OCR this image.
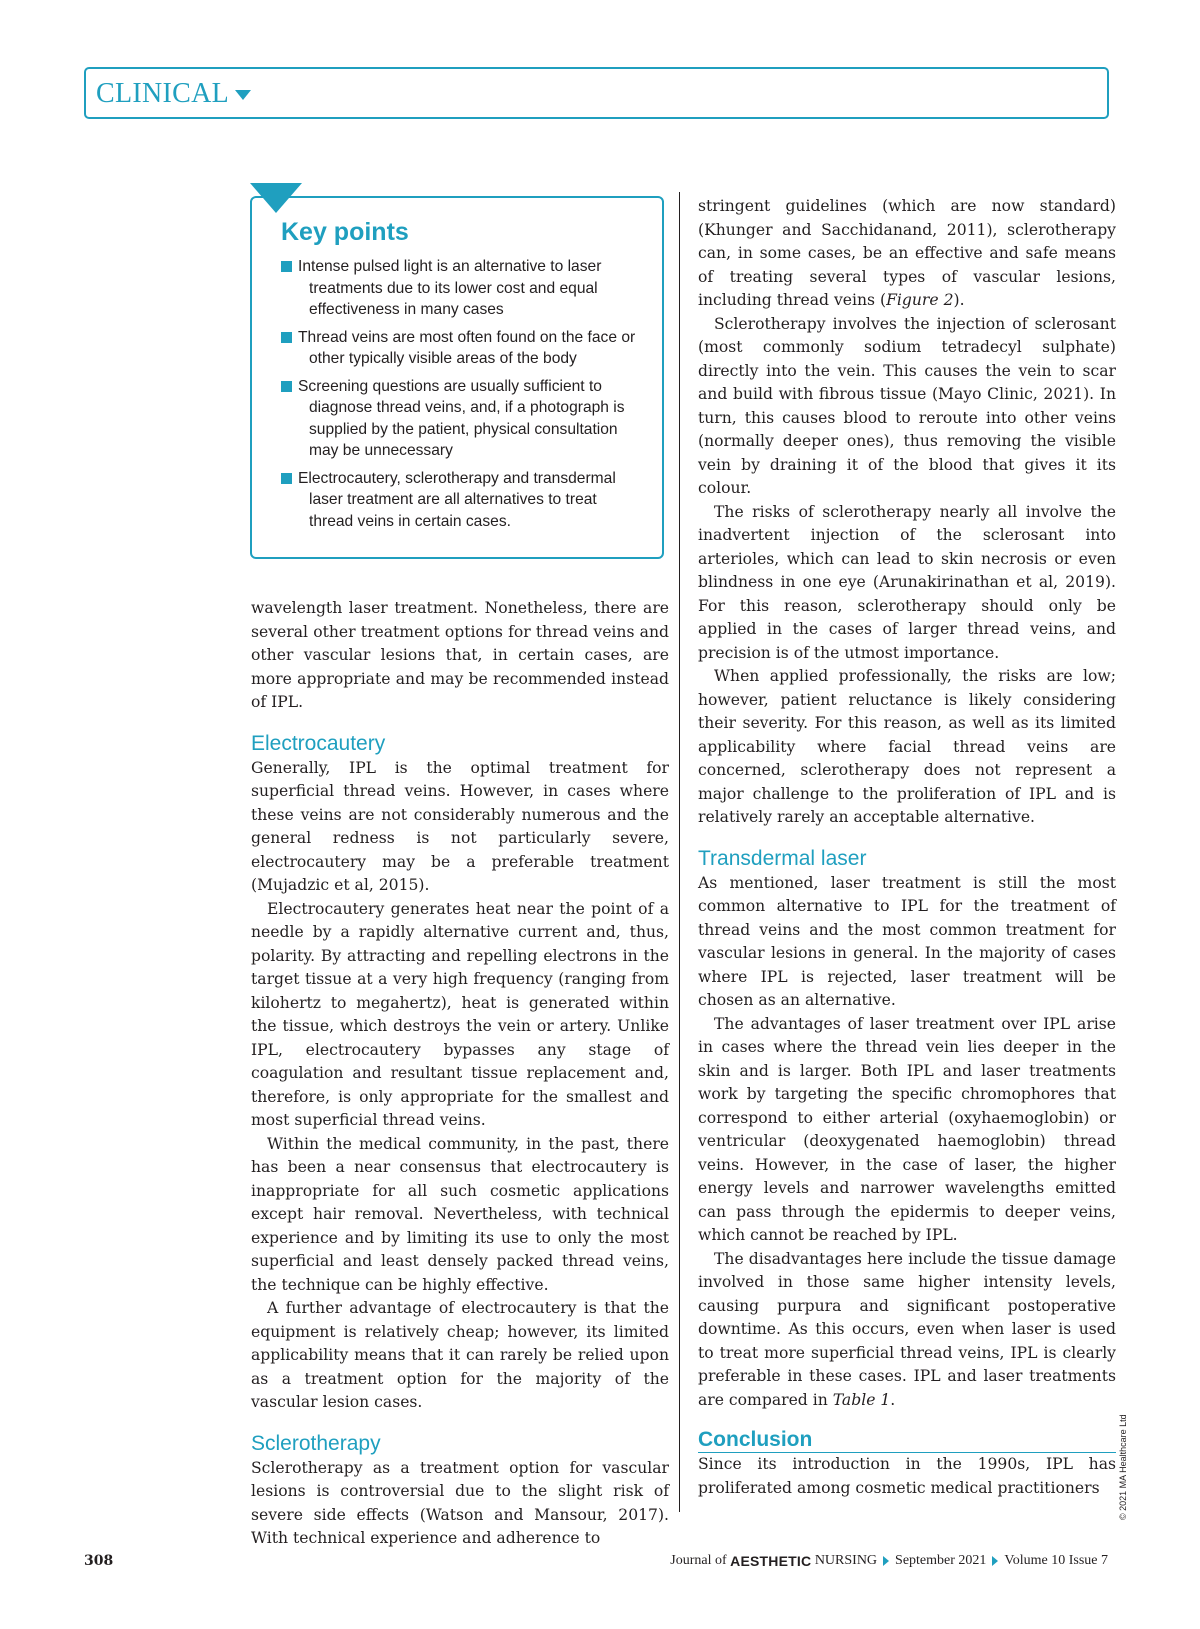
CLINICAL
Key points
Intense pulsed light is an alternative to laser treatments due to its lower cost and equal effectiveness in many cases
Thread veins are most often found on the face or other typically visible areas of the body
Screening questions are usually sufficient to diagnose thread veins, and, if a photograph is supplied by the patient, physical consultation may be unnecessary
Electrocautery, sclerotherapy and transdermal laser treatment are all alternatives to treat thread veins in certain cases.

wavelength laser treatment. Nonetheless, there are several other treatment options for thread veins and other vascular lesions that, in certain cases, are more appropriate and may be recommended instead of IPL.

Electrocautery

Generally, IPL is the optimal treatment for superficial thread veins. However, in cases where these veins are not considerably numerous and the general redness is not particularly severe, electrocautery may be a preferable treatment (Mujadzic et al, 2015).

Electrocautery generates heat near the point of a needle by a rapidly alternative current and, thus, polarity. By attracting and repelling electrons in the target tissue at a very high frequency (ranging from kilohertz to megahertz), heat is generated within the tissue, which destroys the vein or artery. Unlike IPL, electrocautery bypasses any stage of coagulation and resultant tissue replacement and, therefore, is only appropriate for the smallest and most superficial thread veins.

Within the medical community, in the past, there has been a near consensus that electrocautery is inappropriate for all such cosmetic applications except hair removal. Nevertheless, with technical experience and by limiting its use to only the most superficial and least densely packed thread veins, the technique can be highly effective.

A further advantage of electrocautery is that the equipment is relatively cheap; however, its limited applicability means that it can rarely be relied upon as a treatment option for the majority of the vascular lesion cases.

Sclerotherapy

Sclerotherapy as a treatment option for vascular lesions is controversial due to the slight risk of severe side effects (Watson and Mansour, 2017). With technical experience and adherence to

stringent guidelines (which are now standard) (Khunger and Sacchidanand, 2011), sclerotherapy can, in some cases, be an effective and safe means of treating several types of vascular lesions, including thread veins (Figure 2).

Sclerotherapy involves the injection of sclerosant (most commonly sodium tetradecyl sulphate) directly into the vein. This causes the vein to scar and build with fibrous tissue (Mayo Clinic, 2021). In turn, this causes blood to reroute into other veins (normally deeper ones), thus removing the visible vein by draining it of the blood that gives it its colour.

The risks of sclerotherapy nearly all involve the inadvertent injection of the sclerosant into arterioles, which can lead to skin necrosis or even blindness in one eye (Arunakirinathan et al, 2019). For this reason, sclerotherapy should only be applied in the cases of larger thread veins, and precision is of the utmost importance.

When applied professionally, the risks are low; however, patient reluctance is likely considering their severity. For this reason, as well as its limited applicability where facial thread veins are concerned, sclerotherapy does not represent a major challenge to the proliferation of IPL and is relatively rarely an acceptable alternative.

Transdermal laser

As mentioned, laser treatment is still the most common alternative to IPL for the treatment of thread veins and the most common treatment for vascular lesions in general. In the majority of cases where IPL is rejected, laser treatment will be chosen as an alternative.

The advantages of laser treatment over IPL arise in cases where the thread vein lies deeper in the skin and is larger. Both IPL and laser treatments work by targeting the specific chromophores that correspond to either arterial (oxyhaemoglobin) or ventricular (deoxygenated haemoglobin) thread veins. However, in the case of laser, the higher energy levels and narrower wavelengths emitted can pass through the epidermis to deeper veins, which cannot be reached by IPL.

The disadvantages here include the tissue damage involved in those same higher intensity levels, causing purpura and significant postoperative downtime. As this occurs, even when laser is used to treat more superficial thread veins, IPL is clearly preferable in these cases. IPL and laser treatments are compared in Table 1.

Conclusion

Since its introduction in the 1990s, IPL has proliferated among cosmetic medical practitioners	© 2021 MA Healthcare Ltd
308	Journal of AESTHETIC NURSING September 2021 Volume 10 Issue 7
